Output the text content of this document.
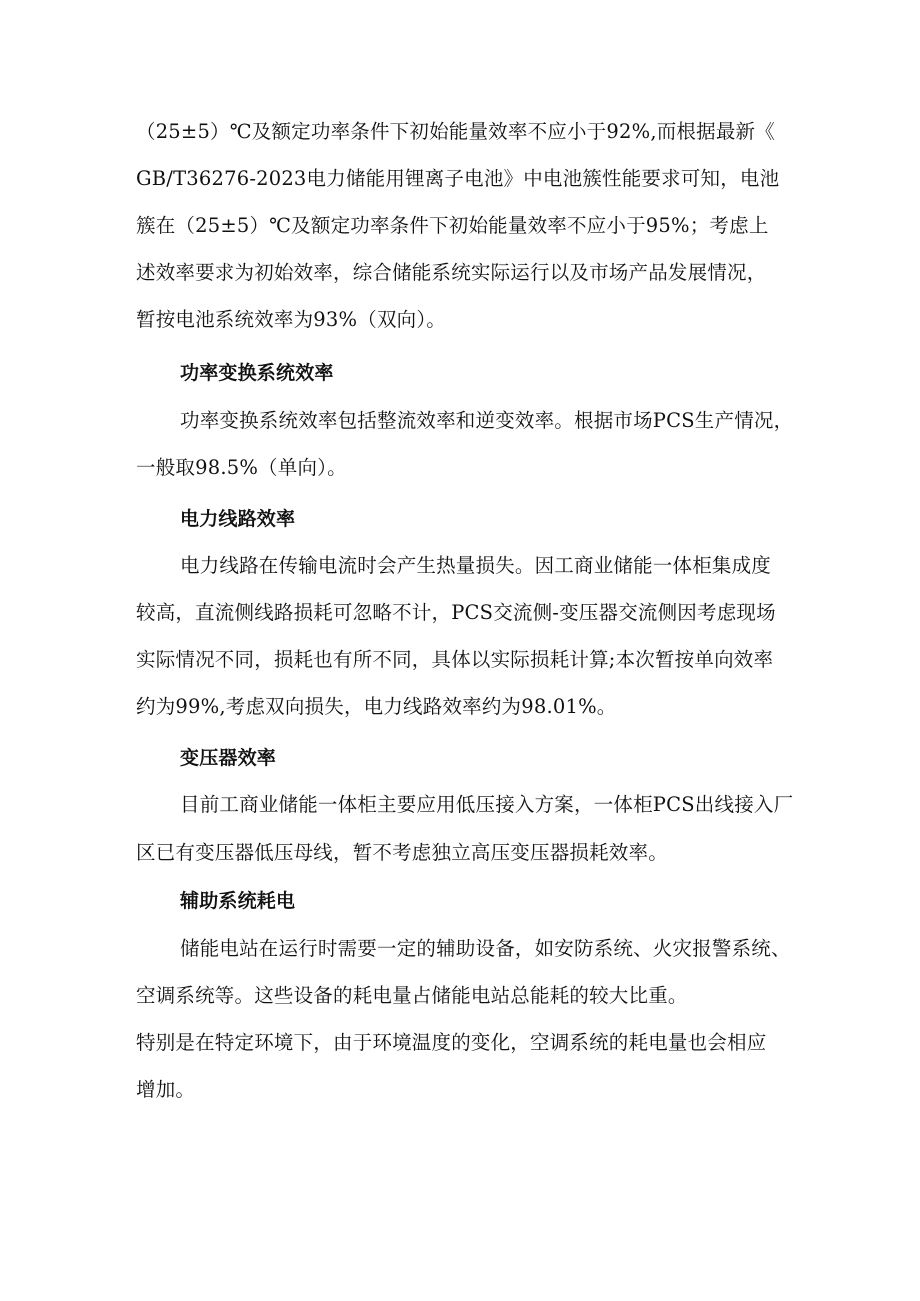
（25±5）℃及额定功率条件下初始能量效率不应小于92%,而根据最新《
GB/T36276-2023电力储能用锂离子电池》中电池簇性能要求可知，电池
簇在（25±5）℃及额定功率条件下初始能量效率不应小于95%；考虑上
述效率要求为初始效率，综合储能系统实际运行以及市场产品发展情况，
暂按电池系统效率为93%（双向）。
功率变换系统效率
功率变换系统效率包括整流效率和逆变效率。根据市场PCS生产情况，
一般取98.5%（单向）。
电力线路效率
电力线路在传输电流时会产生热量损失。因工商业储能一体柜集成度
较高，直流侧线路损耗可忽略不计，PCS交流侧-变压器交流侧因考虑现场
实际情况不同，损耗也有所不同，具体以实际损耗计算;本次暂按单向效率
约为99%,考虑双向损失，电力线路效率约为98.01%。
变压器效率
目前工商业储能一体柜主要应用低压接入方案，一体柜PCS出线接入厂
区已有变压器低压母线，暂不考虑独立高压变压器损耗效率。
辅助系统耗电
储能电站在运行时需要一定的辅助设备，如安防系统、火灾报警系统、
空调系统等。这些设备的耗电量占储能电站总能耗的较大比重。
特别是在特定环境下，由于环境温度的变化，空调系统的耗电量也会相应
增加。
